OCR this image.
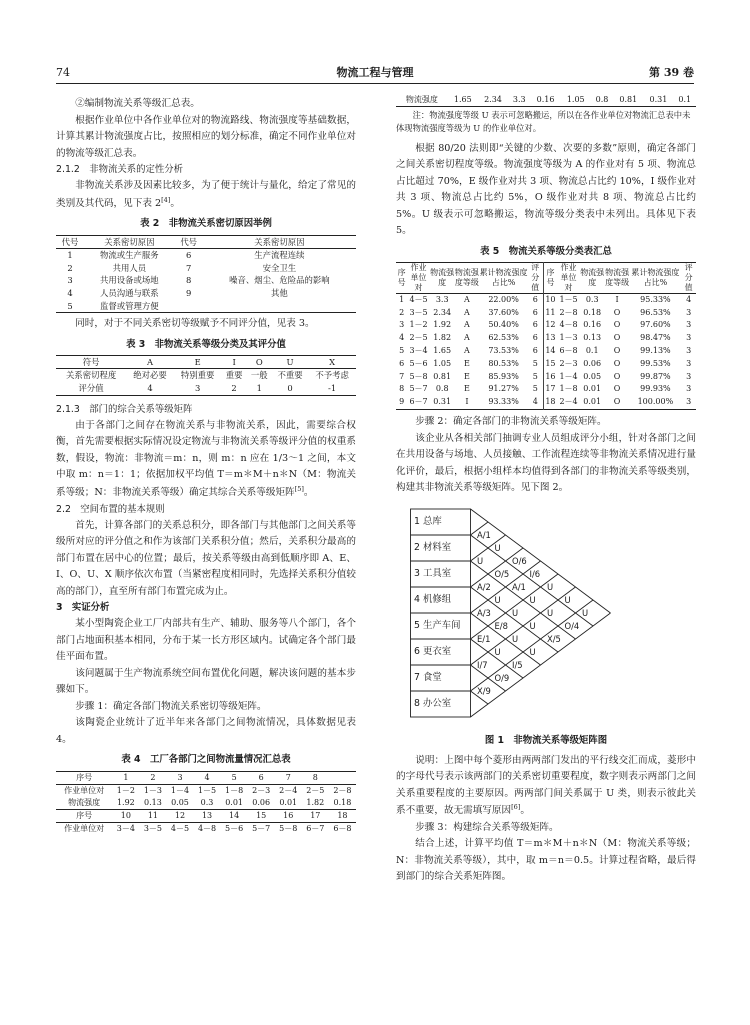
74	物流工程与管理	第 39 卷

②编制物流关系等级汇总表。

根据作业单位中各作业单位对的物流路线、物流强度等基础数据，计算其累计物流强度占比，按照相应的划分标准，确定不同作业单位对的物流等级汇总表。

2.1.2　非物流关系的定性分析

非物流关系涉及因素比较多，为了便于统计与量化，给定了常见的类别及其代码，见下表 2[4]。

表 2　非物流关系密切原因举例
代号	关系密切原因	代号	关系密切原因
1	物流或生产服务	6	生产流程连续
2	共用人员	7	安全卫生
3	共用设备或场地	8	噪音、烟尘、危险品的影响
4	人员沟通与联系	9	其他
5	监督或管理方便		

同时，对于不同关系密切等级赋予不同评分值，见表 3。

表 3　非物流关系等级分类及其评分值
符号	A	E	I	O	U	X
关系密切程度	绝对必要	特别重要	重要	一般	不重要	不予考虑
评分值	4	3	2	1	0	-1
2.1.3　部门的综合关系等级矩阵

由于各部门之间存在物流关系与非物流关系，因此，需要综合权衡，首先需要根据实际情况设定物流与非物流关系等级评分值的权重系数，假设，物流：非物流＝m：n，则 m：n 应在 1/3～1 之间，本文中取 m：n＝1：1；依据加权平均值 T＝m＊M＋n＊N（M：物流关系等级；N：非物流关系等级）确定其综合关系等级矩阵[5]。

2.2　空间布置的基本规则

首先，计算各部门的关系总积分，即各部门与其他部门之间关系等级所对应的评分值之和作为该部门关系积分值；然后，关系积分最高的部门布置在居中心的位置；最后，按关系等级由高到低顺序即 A、E、I、O、U、X 顺序依次布置（当紧密程度相同时，先选择关系积分值较高的部门），直至所有部门布置完成为止。

3　实证分析

某小型陶瓷企业工厂内部共有生产、辅助、服务等八个部门，各个部门占地面积基本相同，分布于某一长方形区域内。试确定各个部门最佳平面布置。

该问题属于生产物流系统空间布置优化问题，解决该问题的基本步骤如下。

步骤 1：确定各部门物流关系密切等级矩阵。

该陶瓷企业统计了近半年来各部门之间物流情况，具体数据见表 4。

表 4　工厂各部门之间物流量情况汇总表
序号	1	2	3	4	5	6	7	8	
作业单位对	1－2	1－3	1－4	1－5	1－8	2－3	2－4	2－5	2－8
物流强度	1.92	0.13	0.05	0.3	0.01	0.06	0.01	1.82	0.18
序号	10	11	12	13	14	15	16	17	18
作业单位对	3－4	3－5	4－5	4－8	5－6	5－7	5－8	6－7	6－8
物流强度	1.65	2.34	3.3	0.16	1.05	0.8	0.81	0.31	0.1
注：物流强度等级 U 表示可忽略搬运，所以在各作业单位对物流汇总表中未体现物流强度等级为 U 的作业单位对。

根据 80/20 法则即“关键的少数、次要的多数”原则，确定各部门之间关系密切程度等级。物流强度等级为 A 的作业对有 5 项、物流总占比超过 70%，E 级作业对共 3 项、物流总占比约 10%，I 级作业对共 3 项、物流总占比约 5%，O 级作业对共 8 项、物流总占比约 5%。U 级表示可忽略搬运，物流等级分类表中未列出。具体见下表 5。

表 5　物流关系等级分类表汇总
序号	作业单位对	物流强度	物流强度等级	累计物流强度占比%	评分值	序号	作业单位对	物流强度	物流强度等级	累计物流强度占比%	评分值
1	4－5	3.3	A	22.00%	6	10	1－5	0.3	I	95.33%	4
2	3－5	2.34	A	37.60%	6	11	2－8	0.18	O	96.53%	3
3	1－2	1.92	A	50.40%	6	12	4－8	0.16	O	97.60%	3
4	2－5	1.82	A	62.53%	6	13	1－3	0.13	O	98.47%	3
5	3－4	1.65	A	73.53%	6	14	6－8	0.1	O	99.13%	3
6	5－6	1.05	E	80.53%	5	15	2－3	0.06	O	99.53%	3
7	5－8	0.81	E	85.93%	5	16	1－4	0.05	O	99.87%	3
8	5－7	0.8	E	91.27%	5	17	1－8	0.01	O	99.93%	3
9	6－7	0.31	I	93.33%	4	18	2－4	0.01	O	100.00%	3

步骤 2：确定各部门的非物流关系等级矩阵。

该企业从各相关部门抽调专业人员组成评分小组，针对各部门之间在共用设备与场地、人员接触、工作流程连续等非物流关系情况进行量化评价，最后，根据小组样本均值得到各部门的非物流关系等级类别，构建其非物流关系等级矩阵。见下图 2。

1 总库
2 材料室
3 工具室
4 机修组
5 生产车间
6 更衣室
7 食堂
8 办公室
A/1
U
O/6
I/6
U
U
U
U
O/5
A/1
U
U
O/4
A/2
U
U
U
X/5
A/3
E/8
U
U
E/1
U
I/5
I/7
O/9
X/9
图 1　非物流关系等级矩阵图

说明：上图中每个菱形由两两部门发出的平行线交汇而成，菱形中的字母代号表示该两部门的关系密切重要程度，数字则表示两部门之间关系重要程度的主要原因。两两部门间关系属于 U 类，则表示彼此关系不重要，故无需填写原因[6]。

步骤 3：构建综合关系等级矩阵。

结合上述，计算平均值 T＝m＊M＋n＊N（M：物流关系等级；N：非物流关系等级），其中，取 m＝n＝0.5。计算过程省略，最后得到部门的综合关系矩阵图。
